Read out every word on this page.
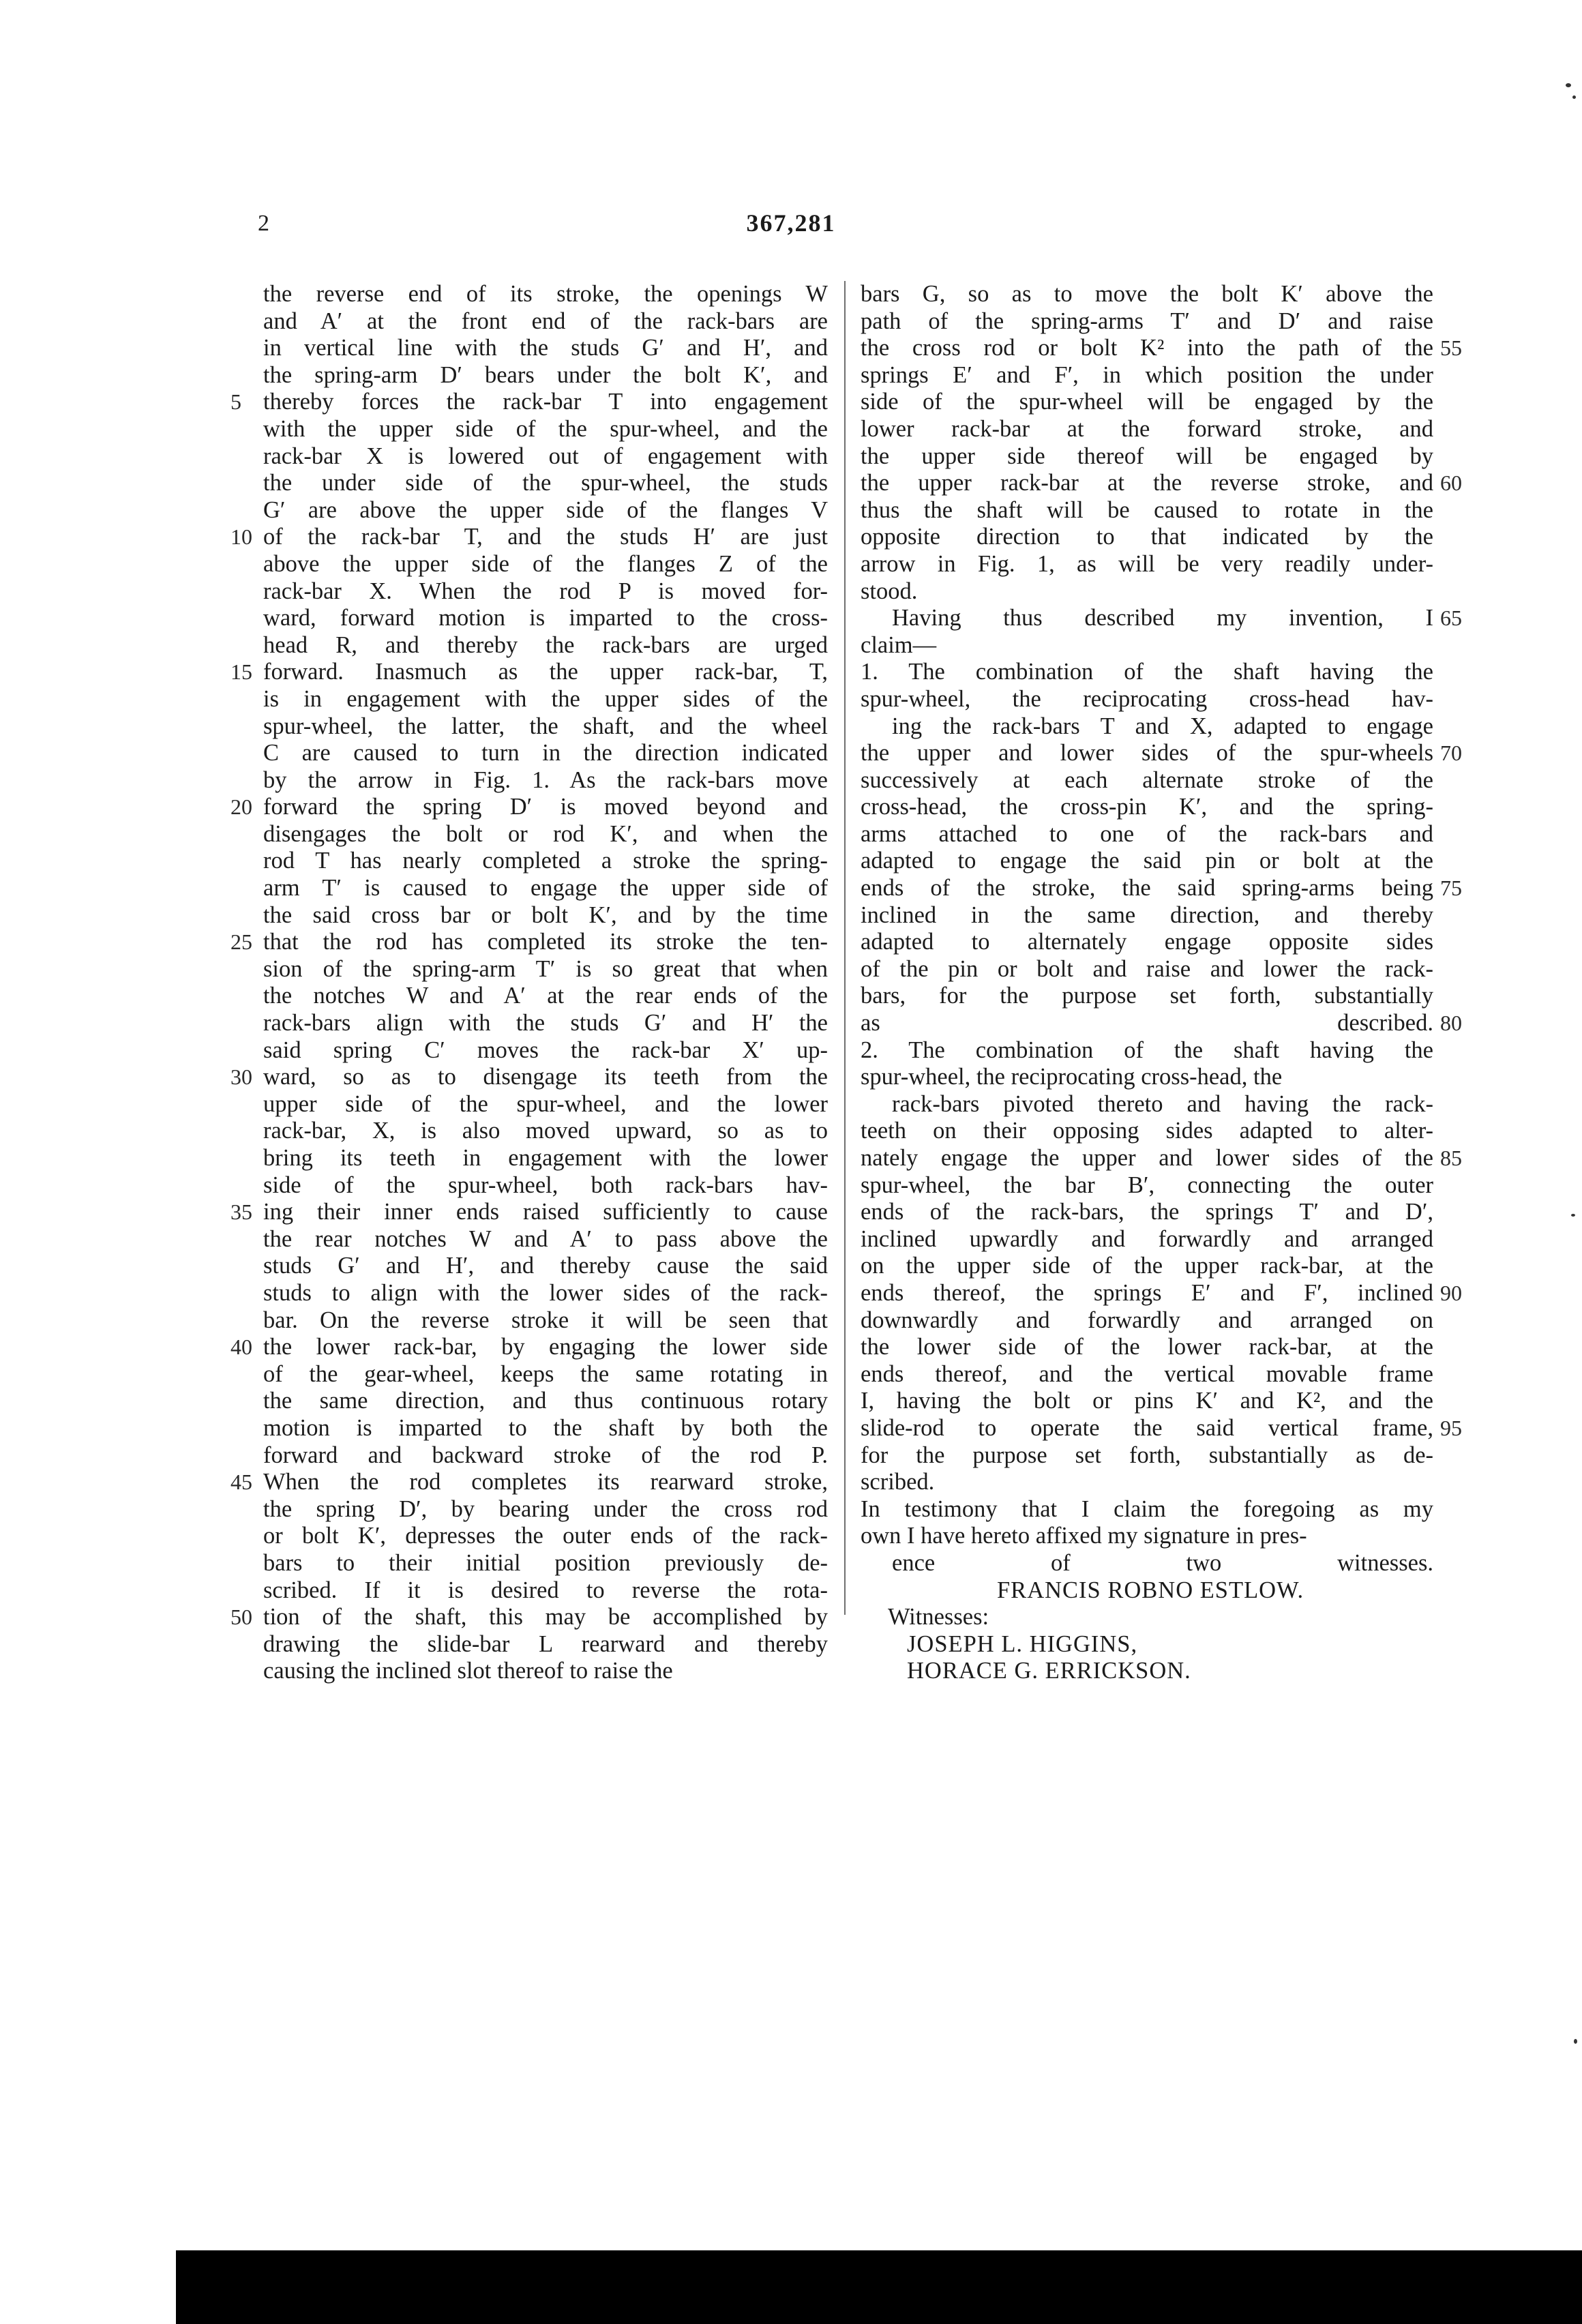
2	367,281
the reverse end of its stroke, the openings W
and A′ at the front end of the rack-bars are
in vertical line with the studs G′ and H′, and
the spring-arm D′ bears under the bolt K′, and
thereby forces the rack-bar T into engagement
5
with the upper side of the spur-wheel, and the
rack-bar X is lowered out of engagement with
the under side of the spur-wheel, the studs
G′ are above the upper side of the flanges V
of the rack-bar T, and the studs H′ are just
10
above the upper side of the flanges Z of the
rack-bar X. When the rod P is moved for-
ward, forward motion is imparted to the cross-
head R, and thereby the rack-bars are urged
forward. Inasmuch as the upper rack-bar, T,
15
is in engagement with the upper sides of the
spur-wheel, the latter, the shaft, and the wheel
C are caused to turn in the direction indicated
by the arrow in Fig. 1. As the rack-bars move
forward the spring D′ is moved beyond and
20
disengages the bolt or rod K′, and when the
rod T has nearly completed a stroke the spring-
arm T′ is caused to engage the upper side of
the said cross bar or bolt K′, and by the time
that the rod has completed its stroke the ten-
25
sion of the spring-arm T′ is so great that when
the notches W and A′ at the rear ends of the
rack-bars align with the studs G′ and H′ the
said spring C′ moves the rack-bar X′ up-
ward, so as to disengage its teeth from the
30
upper side of the spur-wheel, and the lower
rack-bar, X, is also moved upward, so as to
bring its teeth in engagement with the lower
side of the spur-wheel, both rack-bars hav-
ing their inner ends raised sufficiently to cause
35
the rear notches W and A′ to pass above the
studs G′ and H′, and thereby cause the said
studs to align with the lower sides of the rack-
bar. On the reverse stroke it will be seen that
the lower rack-bar, by engaging the lower side
40
of the gear-wheel, keeps the same rotating in
the same direction, and thus continuous rotary
motion is imparted to the shaft by both the
forward and backward stroke of the rod P.
When the rod completes its rearward stroke,
45
the spring D′, by bearing under the cross rod
or bolt K′, depresses the outer ends of the rack-
bars to their initial position previously de-
scribed. If it is desired to reverse the rota-
tion of the shaft, this may be accomplished by
50
drawing the slide-bar L rearward and thereby
causing the inclined slot thereof to raise the
bars G, so as to move the bolt K′ above the
path of the spring-arms T′ and D′ and raise
the cross rod or bolt K² into the path of the 55
springs E′ and F′, in which position the under
side of the spur-wheel will be engaged by the
lower rack-bar at the forward stroke, and
the upper side thereof will be engaged by
the upper rack-bar at the reverse stroke, and 60
thus the shaft will be caused to rotate in the
opposite direction to that indicated by the
arrow in Fig. 1, as will be very readily under-
stood.
Having thus described my invention, I 65
claim—
1. The combination of the shaft having the
spur-wheel, the reciprocating cross-head hav-
ing the rack-bars T and X, adapted to engage
the upper and lower sides of the spur-wheels 70
successively at each alternate stroke of the
cross-head, the cross-pin K′, and the spring-
arms attached to one of the rack-bars and
adapted to engage the said pin or bolt at the
ends of the stroke, the said spring-arms being 75
inclined in the same direction, and thereby
adapted to alternately engage opposite sides
of the pin or bolt and raise and lower the rack-
bars, for the purpose set forth, substantially
as described. 80
2. The combination of the shaft having the
spur-wheel, the reciprocating cross-head, the
rack-bars pivoted thereto and having the rack-
teeth on their opposing sides adapted to alter-
nately engage the upper and lower sides of the 85
spur-wheel, the bar B′, connecting the outer
ends of the rack-bars, the springs T′ and D′,
inclined upwardly and forwardly and arranged
on the upper side of the upper rack-bar, at the
ends thereof, the springs E′ and F′, inclined 90
downwardly and forwardly and arranged on
the lower side of the lower rack-bar, at the
ends thereof, and the vertical movable frame
I, having the bolt or pins K′ and K², and the
slide-rod to operate the said vertical frame, 95
for the purpose set forth, substantially as de-
scribed.
In testimony that I claim the foregoing as my
own I have hereto affixed my signature in pres-
ence of two witnesses.
FRANCIS ROBNO ESTLOW.
Witnesses:
JOSEPH L. HIGGINS,
HORACE G. ERRICKSON.
